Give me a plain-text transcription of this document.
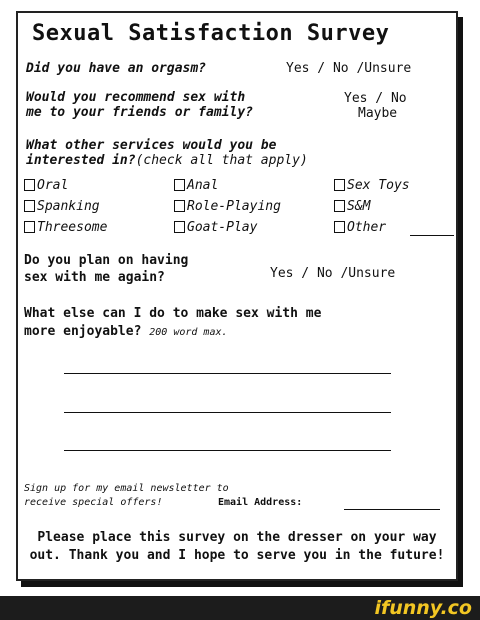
Sexual Satisfaction Survey
Did you have an orgasm?	Yes / No /Unsure
Would you recommend sex with
me to your friends or family?
Yes / No
Maybe
What other services would you be
interested in?(check all that apply)
Oral	Anal	Sex Toys
Spanking	Role-Playing	S&M
Threesome	Goat-Play	Other
Do you plan on having
sex with me again?	Yes / No /Unsure
What else can I do to make sex with me
more enjoyable? 200 word max.
Sign up for my email newsletter to
receive special offers!	Email Address:
Please place this survey on the dresser on your way out. Thank you and I hope to serve you in the future!
ifunny.co
